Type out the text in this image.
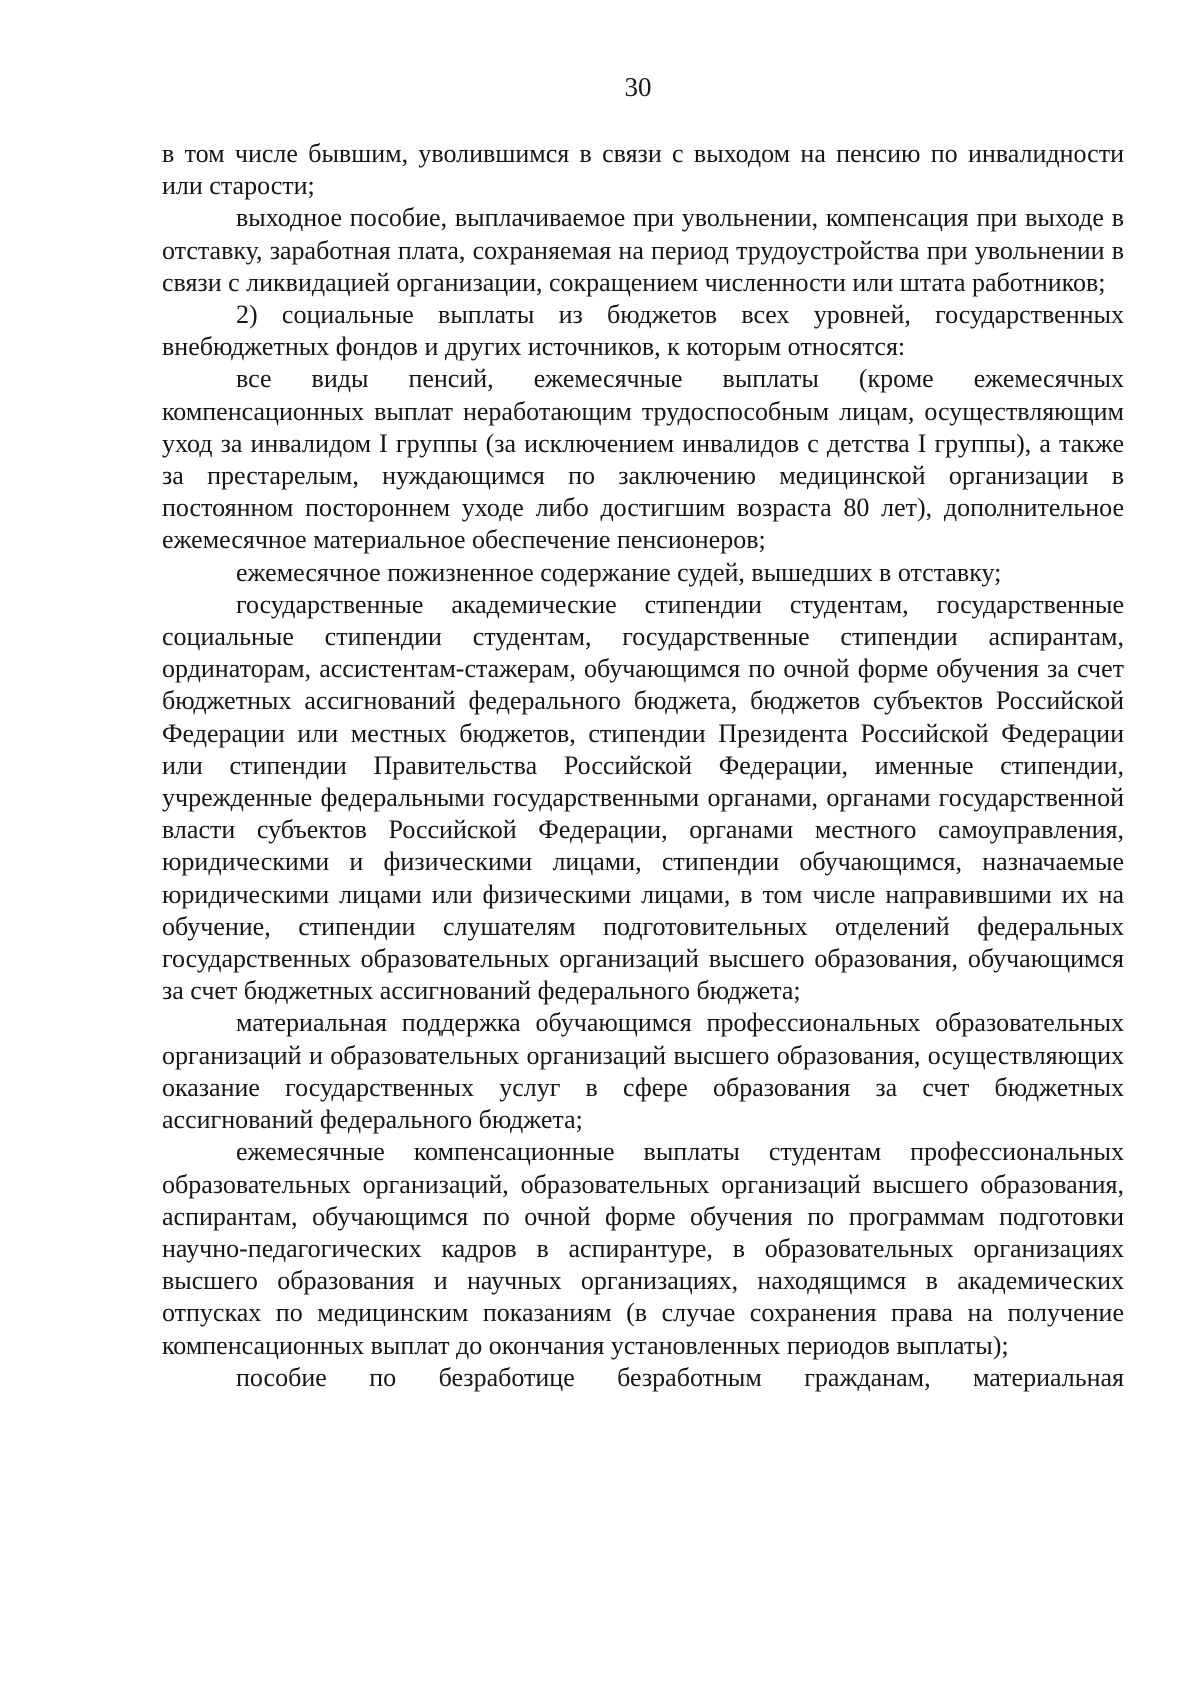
30

в том числе бывшим, уволившимся в связи с выходом на пенсию по инвалидности или старости;

выходное пособие, выплачиваемое при увольнении, компенсация при выходе в отставку, заработная плата, сохраняемая на период трудоустройства при увольнении в связи с ликвидацией организации, сокращением численности или штата работников;

2) социальные выплаты из бюджетов всех уровней, государственных внебюджетных фондов и других источников, к которым относятся:

все виды пенсий, ежемесячные выплаты (кроме ежемесячных компенсационных выплат неработающим трудоспособным лицам, осуществляющим уход за инвалидом I группы (за исключением инвалидов с детства I группы), а также за престарелым, нуждающимся по заключению медицинской организации в постоянном постороннем уходе либо достигшим возраста 80 лет), дополнительное ежемесячное материальное обеспечение пенсионеров;

ежемесячное пожизненное содержание судей, вышедших в отставку;

государственные академические стипендии студентам, государственные социальные стипендии студентам, государственные стипендии аспирантам, ординаторам, ассистентам-стажерам, обучающимся по очной форме обучения за счет бюджетных ассигнований федерального бюджета, бюджетов субъектов Российской Федерации или местных бюджетов, стипендии Президента Российской Федерации или стипендии Правительства Российской Федерации, именные стипендии, учрежденные федеральными государственными органами, органами государственной власти субъектов Российской Федерации, органами местного самоуправления, юридическими и физическими лицами, стипендии обучающимся, назначаемые юридическими лицами или физическими лицами, в том числе направившими их на обучение, стипендии слушателям подготовительных отделений федеральных государственных образовательных организаций высшего образования, обучающимся за счет бюджетных ассигнований федерального бюджета;

материальная поддержка обучающимся профессиональных образовательных организаций и образовательных организаций высшего образования, осуществляющих оказание государственных услуг в сфере образования за счет бюджетных ассигнований федерального бюджета;

ежемесячные компенсационные выплаты студентам профессиональных образовательных организаций, образовательных организаций высшего образования, аспирантам, обучающимся по очной форме обучения по программам подготовки научно-педагогических кадров в аспирантуре, в образовательных организациях высшего образования и научных организациях, находящимся в академических отпусках по медицинским показаниям (в случае сохранения права на получение компенсационных выплат до окончания установленных периодов выплаты);

пособие по безработице безработным гражданам, материальная
